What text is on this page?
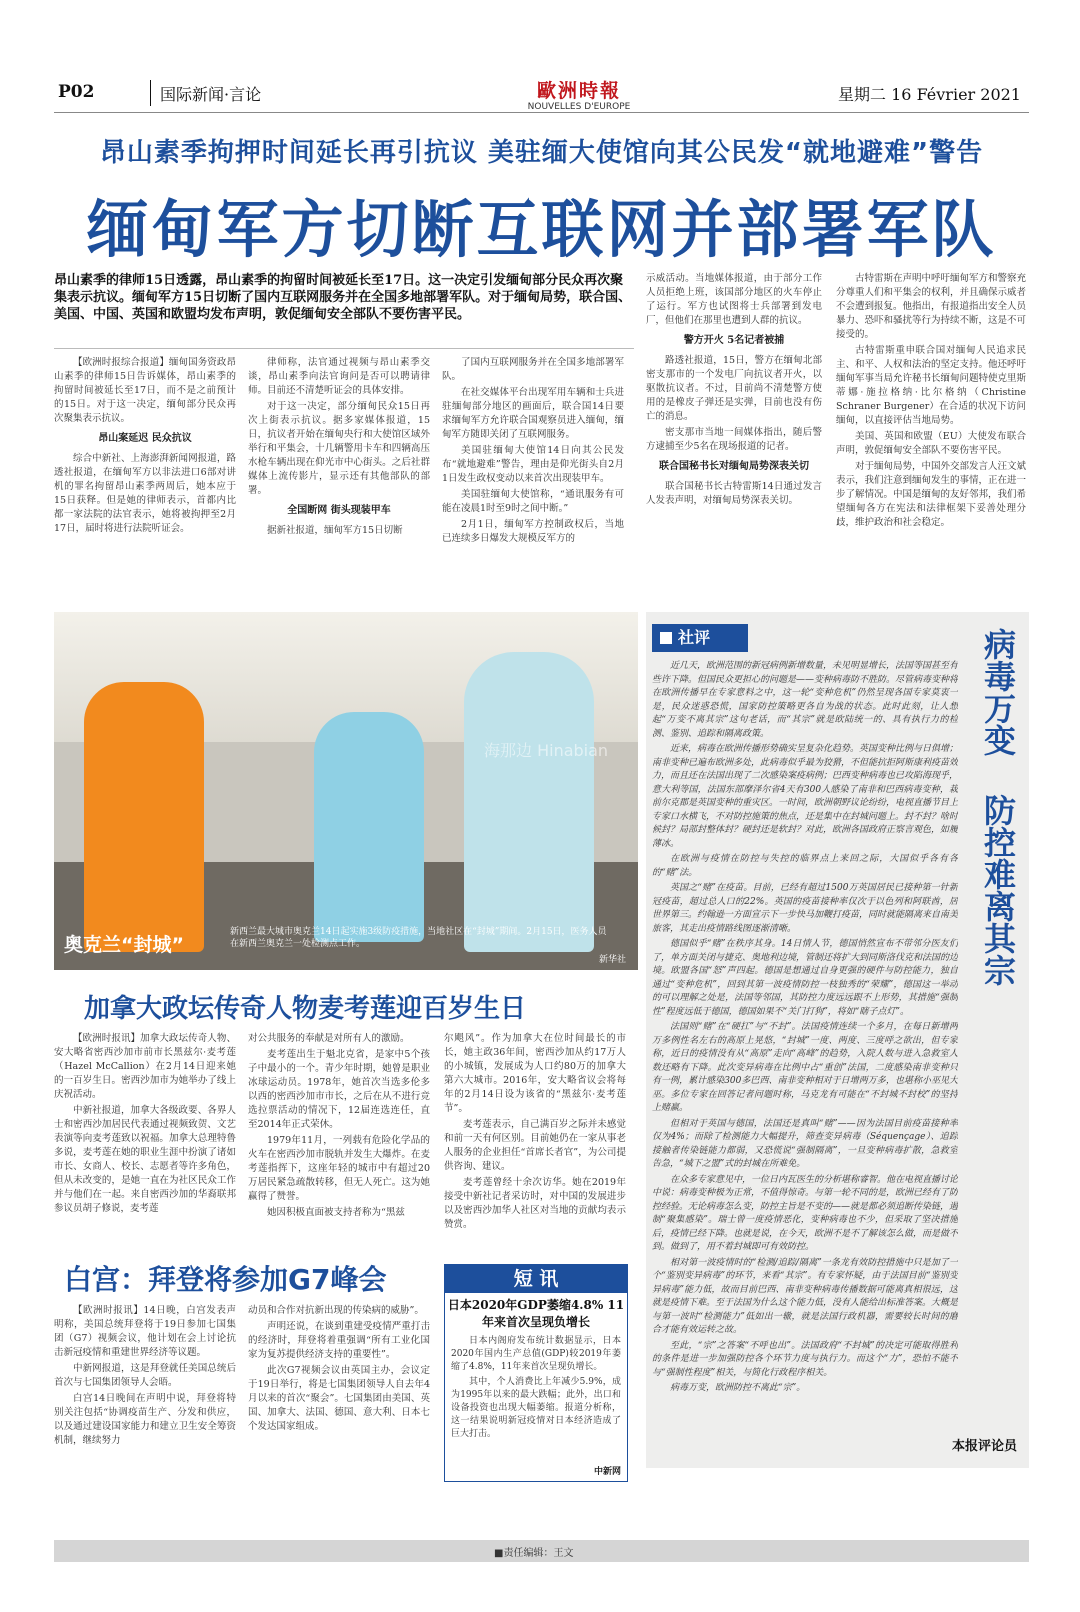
P02	国际新闻·言论	歐洲時報
NOUVELLES D'EUROPE
星期二 16 Février 2021
昂山素季拘押时间延长再引抗议 美驻缅大使馆向其公民发“就地避难”警告
缅甸军方切断互联网并部署军队
昂山素季的律师15日透露，昂山素季的拘留时间被延长至17日。这一决定引发缅甸部分民众再次聚集表示抗议。缅甸军方15日切断了国内互联网服务并在全国多地部署军队。对于缅甸局势，联合国、美国、中国、英国和欧盟均发布声明，敦促缅甸安全部队不要伤害平民。

【欧洲时报综合报道】缅甸国务资政昂山素季的律师15日告诉媒体，昂山素季的拘留时间被延长至17日，而不是之前预计的15日。对于这一决定，缅甸部分民众再次聚集表示抗议。

昂山案延迟 民众抗议

综合中新社、上海澎湃新闻网报道，路透社报道，在缅甸军方以非法进口6部对讲机的罪名拘留昂山素季两周后，她本应于15日获释。但是她的律师表示，首都内比都一家法院的法官表示，她将被拘押至2月17日，届时将进行法院听证会。

律师称，法官通过视频与昂山素季交谈，昂山素季向法官询问是否可以聘请律师。目前还不清楚听证会的具体安排。

对于这一决定，部分缅甸民众15日再次上街表示抗议。据多家媒体报道，15日，抗议者开始在缅甸央行和大使馆区域外举行和平集会，十几辆警用卡车和四辆高压水枪车辆出现在仰光市中心街头。之后社群媒体上流传影片，显示还有其他部队的部署。

全国断网 街头现装甲车

据新社报道，缅甸军方15日切断

了国内互联网服务并在全国多地部署军队。

在社交媒体平台出现军用车辆和士兵进驻缅甸部分地区的画面后，联合国14日要求缅甸军方允许联合国观察员进入缅甸，缅甸军方随即关闭了互联网服务。

美国驻缅甸大使馆14日向其公民发布“就地避难”警告，理由是仰光街头自2月1日发生政权变动以来首次出现装甲车。

美国驻缅甸大使馆称，“通讯服务有可能在凌晨1时至9时之间中断。”

2月1日，缅甸军方控制政权后，当地已连续多日爆发大规模反军方的

示威活动。当地媒体报道，由于部分工作人员拒绝上班，该国部分地区的火车停止了运行。军方也试图将士兵部署到发电厂，但他们在那里也遭到人群的抗议。

警方开火 5名记者被捕

路透社报道，15日，警方在缅甸北部密支那市的一个发电厂向抗议者开火，以驱散抗议者。不过，目前尚不清楚警方使用的是橡皮子弹还是实弹，目前也没有伤亡的消息。

密支那市当地一间媒体指出，随后警方逮捕至少5名在现场报道的记者。

联合国秘书长对缅甸局势深表关切

联合国秘书长古特雷斯14日通过发言人发表声明，对缅甸局势深表关切。

古特雷斯在声明中呼吁缅甸军方和警察充分尊重人们和平集会的权利，并且确保示威者不会遭到报复。他指出，有报道指出安全人员暴力、恐吓和骚扰等行为持续不断，这是不可接受的。

古特雷斯重申联合国对缅甸人民追求民主、和平、人权和法治的坚定支持。他还呼吁缅甸军事当局允许秘书长缅甸问题特使克里斯蒂娜·施拉格纳·比尔格纳（Christine Schraner Burgener）在合适的状况下访问缅甸，以直接评估当地局势。

美国、英国和欧盟（EU）大使发布联合声明，敦促缅甸安全部队不要伤害平民。

对于缅甸局势，中国外交部发言人汪文斌表示，我们注意到缅甸发生的事情，正在进一步了解情况。中国是缅甸的友好邻邦，我们希望缅甸各方在宪法和法律框架下妥善处理分歧，维护政治和社会稳定。

海那边 Hinabian
奥克兰“封城”
新西兰最大城市奥克兰14日起实施3级防疫措施，当地社区在“封城”期间。2月15日，医务人员在新西兰奥克兰一处检测点工作。
新华社
加拿大政坛传奇人物麦考莲迎百岁生日

【欧洲时报讯】加拿大政坛传奇人物、安大略省密西沙加市前市长黑兹尔·麦考莲（Hazel McCallion）在2月14日迎来她的一百岁生日。密西沙加市为她举办了线上庆祝活动。

中新社报道，加拿大各级政要、各界人士和密西沙加居民代表通过视频致贺、文艺表演等向麦考莲致以祝福。加拿大总理特鲁多说，麦考莲在她的职业生涯中扮演了诸如市长、女商人、校长、志愿者等许多角色，但从未改变的，是她一直在为社区民众工作并与他们在一起。来自密西沙加的华裔联邦参议员胡子修说，麦考莲

对公共服务的奉献是对所有人的激励。

麦考莲出生于魁北克省，是家中5个孩子中最小的一个。青少年时期，她曾是职业冰球运动员。1978年，她首次当选多伦多以西的密西沙加市市长，之后在从不进行竞选拉票活动的情况下，12届连选连任，直至2014年正式荣休。

1979年11月，一列载有危险化学品的火车在密西沙加市脱轨并发生大爆炸。在麦考莲指挥下，这座年轻的城市中有超过20万居民紧急疏散转移，但无人死亡。这为她赢得了赞誉。

她因积极直面被支持者称为“黑兹

尔飓风”。作为加拿大在位时间最长的市长，她主政36年间，密西沙加从约17万人的小城镇，发展成为人口约80万的加拿大第六大城市。2016年，安大略省议会将每年的2月14日设为该省的“黑兹尔·麦考莲节”。

麦考莲表示，自己满百岁之际并未感觉和前一天有何区别。目前她仍在一家从事老人服务的企业担任“首席长者官”，为公司提供咨询、建议。

麦考莲曾经十余次访华。她在2019年接受中新社记者采访时，对中国的发展进步以及密西沙加华人社区对当地的贡献均表示赞赏。

白宫：拜登将参加G7峰会

【欧洲时报讯】14日晚，白宫发表声明称，美国总统拜登将于19日参加七国集团（G7）视频会议，他计划在会上讨论抗击新冠疫情和重建世界经济等议题。

中新网报道，这是拜登就任美国总统后首次与七国集团领导人会晤。

白宫14日晚间在声明中说，拜登将特别关注包括“协调疫苗生产、分发和供应，以及通过建设国家能力和建立卫生安全筹资机制，继续努力

动员和合作对抗新出现的传染病的威胁”。

声明还说，在谈到重建受疫情严重打击的经济时，拜登将着重强调“所有工业化国家为复苏提供经济支持的重要性”。

此次G7视频会议由英国主办，会议定于19日举行，将是七国集团领导人自去年4月以来的首次“聚会”。七国集团由美国、英国、加拿大、法国、德国、意大利、日本七个发达国家组成。

短 讯
日本2020年GDP萎缩4.8% 11年来首次呈现负增长

日本内阁府发布统计数据显示，日本2020年国内生产总值(GDP)较2019年萎缩了4.8%，11年来首次呈现负增长。

其中，个人消费比上年减少5.9%，成为1995年以来的最大跌幅；此外，出口和设备投资也出现大幅萎缩。报道分析称，这一结果说明新冠疫情对日本经济造成了巨大打击。

中新网
社评	病毒万变 防控难离其宗

近几天，欧洲范围的新冠病例新增数量，未见明显增长，法国等国甚至有些许下降。但国民众更担心的问题是——变种病毒防不胜防。尽管病毒变种将在欧洲传播早在专家意料之中，这一轮“变种危机”仍然呈现各国专家莫衷一是，民众迷惑恐慌，国家防控策略更各自为战的状态。此时此刻，让人想起“万变不离其宗”这句老话，而“其宗”就是欧陆统一的、具有执行力的检测、鉴别、追踪和隔离政策。

近来，病毒在欧洲传播形势确实呈复杂化趋势。英国变种比例与日俱增；南非变种已遍布欧洲多处，此病毒似乎最为狡猾，不但能抗拒阿斯康利疫苗效力，而且还在法国出现了二次感染案疫病例；巴西变种病毒也已攻陷海现乎，意大利等国，法国东部摩泽尔省4天有300人感染了南非和巴西病毒变种，栽前尔克郡是英国变种的重灾区。一时间，欧洲朝野议论纷纷，电视直播节目上专家口水横飞，不对防控施策的焦点，还是集中在封城问题上。封不封？啥时候封？局部封整体封？硬封还是软封？对此，欧洲各国政府正察言观色，如履薄冰。

在欧洲与疫情在防控与失控的临界点上来回之际，大国似乎各有各的“赌”法。

英国之“赌”在疫苗。目前，已经有超过1500万英国居民已接种第一针新冠疫苗，超过总人口的22%。英国的疫苗接种率仅次于以色列和阿联酋，居世界第三。约翰逊一方面宣示下一步快马加鞭打疫苗，同时就能隔离来自南美旅客，其走出疫情路线图逐渐清晰。

德国似乎“赌”在秩序其身。14日情人节，德国悄然宣布不带邻分医友们了，单方面关闭与捷克、奥地利边境，管制还将扩大到同斯洛伐克和法国的边境。欧盟各国“怒”声四起。德国是想通过自身更强的硬件与防控能力，独自通过“变种危机”，回到其第一波疫情防控一枝独秀的“荣耀”，德国这一举动的可以理解之处是，法国等邻国，其防控力度远远跟不上形势，其措施“强制性”程度远低于德国，德国如果不“关门打狗”，将如“瞎子点灯”。

法国则“赌”在“硬扛”与“不封”。法国疫情连续一个多月，在每日新增两万多例性名左右的高原上晃悠，“封城”一度、两度、三度呼之欲出，但专家称，近日的疫情没有从“高原”走向“高峰”的趋势，入院人数与进入急救室人数还略有下降。此次变异病毒在比例中占“重创”法国，二度感染南非变种只有一例，累计感染300多巴西、南非变种相对于日增两万多，也堪称小巫见大巫。多位专家在回答记者问题时称，马克龙有可能在“不封城不封校”的坚持上赌赢。

但相对于英国与德国，法国还是真叫“赌”——因为法国目前疫苗接种率仅为4%；而除了检测能力大幅提升，筛查变异病毒（Séquençage）、追踪接触者传染链能力都弱，又恐慌说“强制隔离”，一旦变种病毒扩散，急救室告急，“城下之盟”式的封城在所难免。

在众多专家意见中，一位日内瓦医生的分析堪称睿智。他在电视直播讨论中说：病毒变种极为正常，不值得惊奇。与第一轮不同的是，欧洲已经有了防控经验。无论病毒怎么变，防控主旨是不变的——就是都必须追断传染链，遏制“聚集感染”。瑞士曾一度疫情恶化，变种病毒也不少，但采取了坚决措施后，疫情已经下降。也就是说，在今天，欧洲不是不了解该怎么做，而是做不到。做到了，用不着封城即可有效防控。

相对第一波疫情时的“检测/追踪/隔离”一条龙有效防控措施中只是加了一个“鉴别变异病毒”的环节，来看“其宗”。有专家怀疑，由于法国目前“鉴别变异病毒”能力低，故而目前巴西、南非变种病毒传播数据可能离真相很远，这就是疫情下难。至于法国为什么这个能力低，没有人能给出标准答案。大概是与第一波时“检测能力”低如出一辙，就是法国行政机器，需要较长时间的磨合才能有效运转之故。

至此，“宗”之答案“不呼也出”。法国政府“不封城”的决定可能取得胜利的条件是进一步加强防控各个环节力度与执行力。而这个“力”，恐怕不能不与“强制性程度”相关，与简化行政程序相关。

病毒万变，欧洲防控不离此“宗”。

本报评论员
■责任编辑：王文
